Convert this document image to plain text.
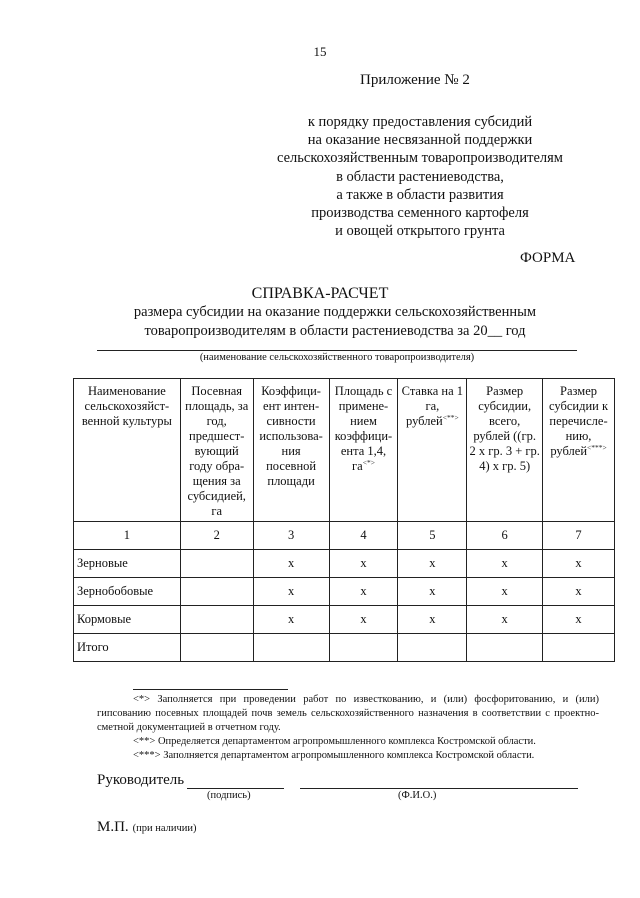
15
Приложение № 2
к порядку предоставления субсидий
на оказание несвязанной поддержки
сельскохозяйственным товаропроизводителям
в области растениеводства,
а также в области развития
производства семенного картофеля
и овощей открытого грунта
ФОРМА
СПРАВКА-РАСЧЕТ
размера субсидии на оказание поддержки сельскохозяйственным
товаропроизводителям в области растениеводства за 20__ год
(наименование сельскохозяйственного товаропроизводителя)
Наименование сельскохозяйст-венной культуры	Посевная площадь, за год, предшест-вующий году обра-щения за субсидией, га	Коэффици-ент интен-сивности использова-ния посевной площади	Площадь с примене-нием коэффици-ента 1,4, га<*>	Ставка на 1 га, рублей<**>	Размер субсидии, всего, рублей ((гр. 2 x гр. 3 + гр. 4) x гр. 5)	Размер субсидии к перечисле-нию, рублей<***>
1	2	3	4	5	6	7
Зерновые		x	x	x	x	x
Зернобобовые		x	x	x	x	x
Кормовые		x	x	x	x	x
Итого						

<*> Заполняется при проведении работ по известкованию, и (или) фосфоритованию, и (или) гипсованию посевных площадей почв земель сельскохозяйственного назначения в соответствии с проектно-сметной документацией в отчетном году.

<**> Определяется департаментом агропромышленного комплекса Костромской области.

<***> Заполняется департаментом агропромышленного комплекса Костромской области.

Руководитель
(подпись)	(Ф.И.О.)
М.П. (при наличии)
